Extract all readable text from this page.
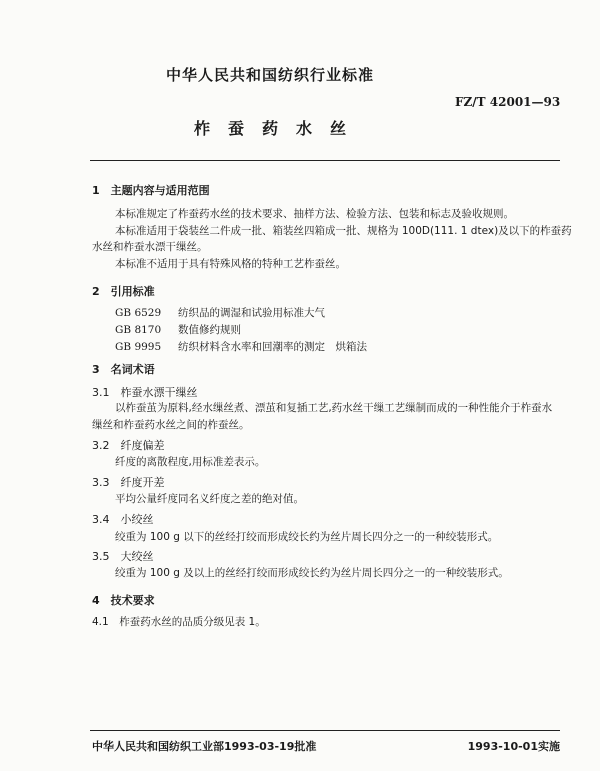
中华人民共和国纺织行业标准
FZ/T 42001—93
柞蚕药水丝
1　主题内容与适用范围
本标准规定了柞蚕药水丝的技术要求、抽样方法、检验方法、包装和标志及验收规则。
本标准适用于袋装丝二件成一批、箱装丝四箱成一批、规格为 100D(111. 1 dtex)及以下的柞蚕药
水丝和柞蚕水漂干缫丝。
本标准不适用于具有特殊风格的特种工艺柞蚕丝。
2　引用标准
GB 6529 纺织品的调湿和试验用标准大气
GB 8170 数值修约规则
GB 9995 纺织材料含水率和回潮率的测定　烘箱法
3　名词术语
3.1　柞蚕水漂干缫丝
以柞蚕茧为原料,经水缫丝煮、漂茧和复插工艺,药水丝干缫工艺缫制而成的一种性能介于柞蚕水
缫丝和柞蚕药水丝之间的柞蚕丝。
3.2　纤度偏差
纤度的离散程度,用标准差表示。
3.3　纤度开差
平均公量纤度同名义纤度之差的绝对值。
3.4　小绞丝
绞重为 100 g 以下的丝经打绞而形成绞长约为丝片周长四分之一的一种绞装形式。
3.5　大绞丝
绞重为 100 g 及以上的丝经打绞而形成绞长约为丝片周长四分之一的一种绞装形式。
4　技术要求
4.1　柞蚕药水丝的品质分级见表 1。
中华人民共和国纺织工业部1993-03-19批准	1993-10-01实施
